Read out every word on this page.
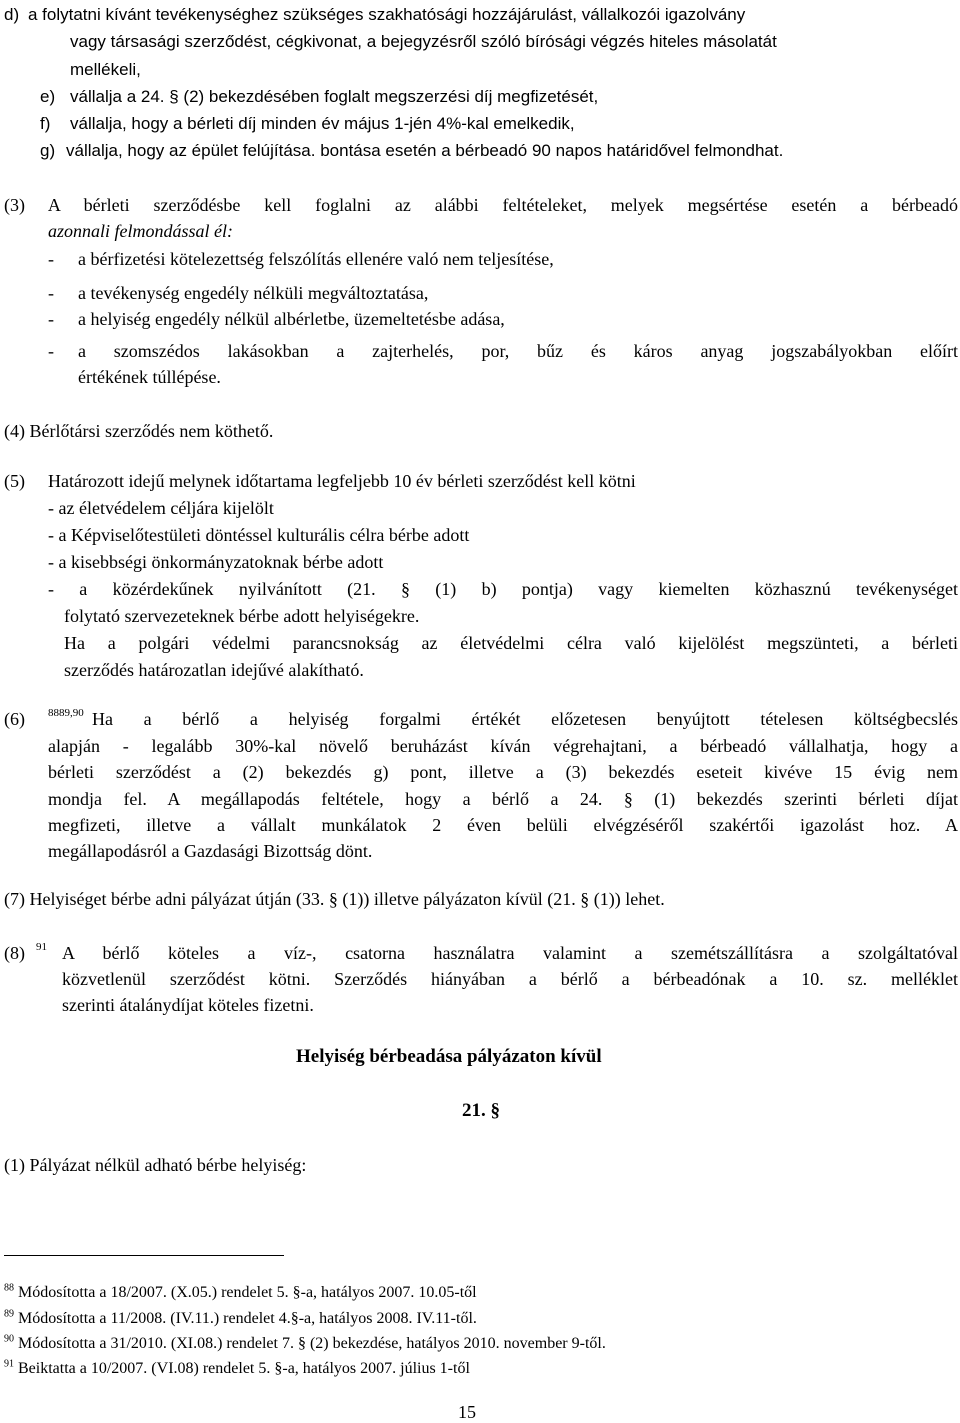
d) a folytatni kívánt tevékenységhez szükséges szakhatósági hozzájárulást, vállalkozói igazolvány
vagy társasági szerződést, cégkivonat, a bejegyzésről szóló bírósági végzés hiteles másolatát
mellékeli,
e) vállalja a 24. § (2) bekezdésében foglalt megszerzési díj megfizetését,
f) vállalja, hogy a bérleti díj minden év május 1-jén 4%-kal emelkedik,
g) vállalja, hogy az épület felújítása. bontása esetén a bérbeadó 90 napos határidővel felmondhat.
(3) A bérleti szerződésbe kell foglalni az alábbi feltételeket, melyek megsértése esetén a bérbeadó
azonnali felmondással él:
- a bérfizetési kötelezettség felszólítás ellenére való nem teljesítése,
- a tevékenység engedély nélküli megváltoztatása,
- a helyiség engedély nélkül albérletbe, üzemeltetésbe adása,
- a szomszédos lakásokban a zajterhelés, por, bűz és káros anyag jogszabályokban előírt
értékének túllépése.
(4) Bérlőtársi szerződés nem köthető.
(5) Határozott idejű melynek időtartama legfeljebb 10 év bérleti szerződést kell kötni
- az életvédelem céljára kijelölt
- a Képviselőtestületi döntéssel kulturális célra bérbe adott
- a kisebbségi önkormányzatoknak bérbe adott
- a közérdekűnek nyilvánított (21. § (1) b) pontja) vagy kiemelten közhasznú tevékenységet
folytató szervezeteknek bérbe adott helyiségekre.
Ha a polgári védelmi parancsnokság az életvédelmi célra való kijelölést megszünteti, a bérleti
szerződés határozatlan idejűvé alakítható.
(6) 8889,90 Ha a bérlő a helyiség forgalmi értékét előzetesen benyújtott tételesen költségbecslés
alapján - legalább 30%-kal növelő beruházást kíván végrehajtani, a bérbeadó vállalhatja, hogy a
bérleti szerződést a (2) bekezdés g) pont, illetve a (3) bekezdés eseteit kivéve 15 évig nem
mondja fel. A megállapodás feltétele, hogy a bérlő a 24. § (1) bekezdés szerinti bérleti díjat
megfizeti, illetve a vállalt munkálatok 2 éven belüli elvégzéséről szakértői igazolást hoz. A
megállapodásról a Gazdasági Bizottság dönt.
(7) Helyiséget bérbe adni pályázat útján (33. § (1)) illetve pályázaton kívül (21. § (1)) lehet.
(8) 91 A bérlő köteles a víz-, csatorna használatra valamint a szemétszállításra a szolgáltatóval
közvetlenül szerződést kötni. Szerződés hiányában a bérlő a bérbeadónak a 10. sz. melléklet
szerinti átalánydíjat köteles fizetni.
Helyiség bérbeadása pályázaton kívül
21. §
(1) Pályázat nélkül adható bérbe helyiség:
$^{88}$ Módosította a 18/2007. (X.05.) rendelet 5. §-a, hatályos 2007. 10.05-től
$^{89}$ Módosította a 11/2008. (IV.11.) rendelet 4.§-a, hatályos 2008. IV.11-től.
$^{90}$ Módosította a 31/2010. (XI.08.) rendelet 7. § (2) bekezdése, hatályos 2010. november 9-től.
$^{91}$ Beiktatta a 10/2007. (VI.08) rendelet 5. §-a, hatályos 2007. július 1-től
15
